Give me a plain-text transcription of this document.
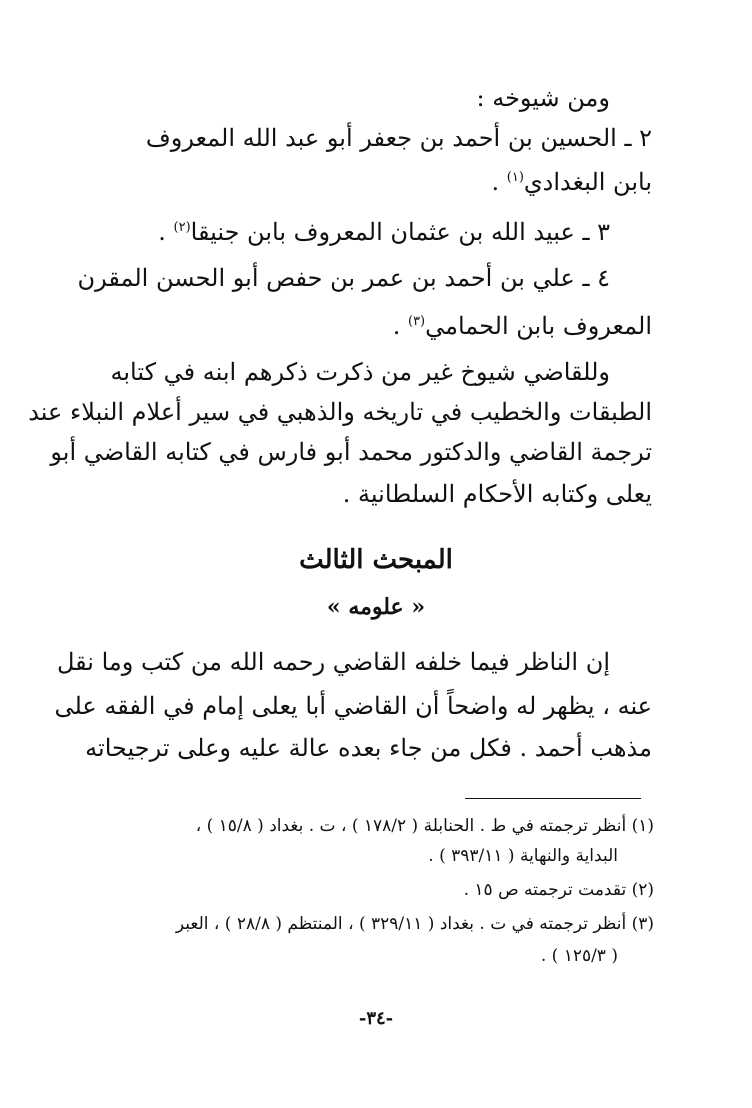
ومن شيوخه :
٢ ـ الحسين بن أحمد بن جعفر أبو عبد الله المعروف
بابن البغدادي$^{(١)}$ .
٣ ـ عبيد الله بن عثمان المعروف بابن جنيقا$^{(٢)}$ .
٤ ـ علي بن أحمد بن عمر بن حفص أبو الحسن المقرن
المعروف بابن الحمامي$^{(٣)}$ .
وللقاضي شيوخ غير من ذكرت ذكرهم ابنه في كتابه
الطبقات والخطيب في تاريخه والذهبي في سير أعلام النبلاء عند
ترجمة القاضي والدكتور محمد أبو فارس في كتابه القاضي أبو
يعلى وكتابه الأحكام السلطانية .
المبحث الثالث
« علومه »
إن الناظر فيما خلفه القاضي رحمه الله من كتب وما نقل
عنه ، يظهر له واضحاً أن القاضي أبا يعلى إمام في الفقه على
مذهب أحمد . فكل من جاء بعده عالة عليه وعلى ترجيحاته
(١) أنظر ترجمته في ط . الحنابلة ( ١٧٨/٢ ) ، ت . بغداد ( ١٥/٨ ) ،
البداية والنهاية ( ٣٩٣/١١ ) .
(٢) تقدمت ترجمته ص ١٥ .
(٣) أنظر ترجمته في ت . بغداد ( ٣٢٩/١١ ) ، المنتظم ( ٢٨/٨ ) ، العبر
( ١٢٥/٣ ) .
-٣٤-
